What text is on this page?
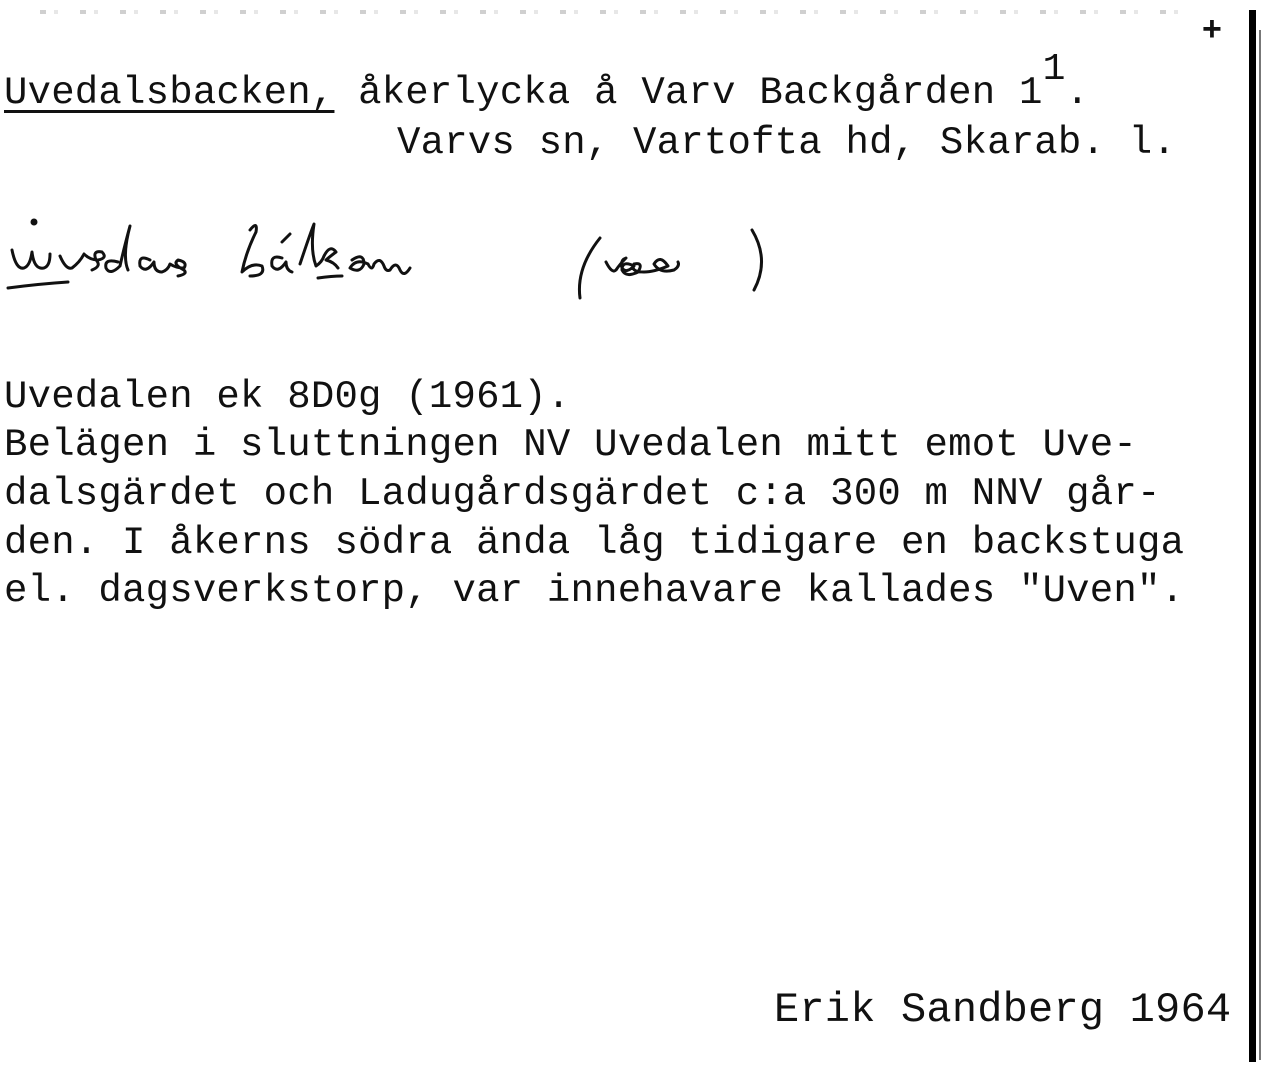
+
Uvedalsbacken, åkerlycka å Varv Backgården 11.
Varvs sn, Vartofta hd, Skarab. l.
ṳvəda̜lsbákən (vad)
Uvedalen ek 8D0g (1961).
Belägen i sluttningen NV Uvedalen mitt emot Uve-
dalsgärdet och Ladugårdsgärdet c:a 300 m NNV går-
den. I åkerns södra ända låg tidigare en backstuga
el. dagsverkstorp, var innehavare kallades "Uven".
Erik Sandberg 1964
